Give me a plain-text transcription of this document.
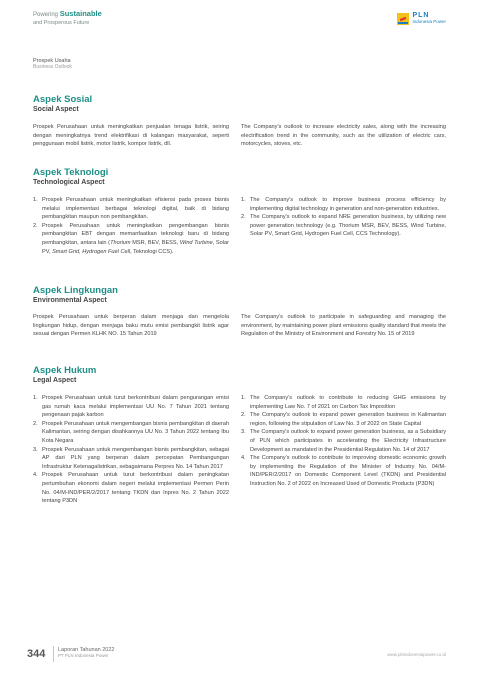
Powering Sustainable
and Prosperous Future
PLN
Indonesia Power
Prospek Usaha
Business Outlook
Aspek Sosial
Social Aspect

Prospek Perusahaan untuk meningkatkan penjualan tenaga listrik, seiring dengan meningkatnya trend elektrifikasi di kalangan masyarakat, seperti penggunaan mobil listrik, motor listrik, kompor listrik, dll.

The Company's outlook to increase electricity sales, along with the increasing electrification trend in the community, such as the utilization of electric cars, motorcycles, stoves, etc.

Aspek Teknologi
Technological Aspect
1. Prospek Perusahaan untuk meningkatkan efisiensi pada proses bisnis melalui implementasi berbagai teknologi digital, baik di bidang pembangkitan maupun non pembangkitan.
2. Prospek Perusahaan untuk meningkatkan pengembangan bisnis pembangkitan EBT dengan memanfaatkan teknologi baru di bidang pembangkitan, antara lain (Thorium MSR, BEV, BESS, Wind Turbine, Solar PV, Smart Grid, Hydrogen Fuel Cell, Teknologi CCS).
1. The Company's outlook to improve business process efficiency by implementing digital technology in generation and non-generation industries.
2. The Company's outlook to expand NRE generation business, by utilizing new power generation technology (e.g. Thorium MSR, BEV, BESS, Wind Turbine, Solar PV, Smart Grid, Hydrogen Fuel Cell, CCS Technology).
Aspek Lingkungan
Environmental Aspect

Prospek Perusahaan untuk berperan dalam menjaga dan mengelola lingkungan hidup, dengan menjaga baku mutu emisi pembangkit listrik agar sesuai dengan Permen KLHK NO. 15 Tahun 2019

The Company's outlook to participate in safeguarding and managing the environment, by maintaining power plant emissions quality standard that meets the Regulation of the Ministry of Environment and Forestry No. 15 of 2019

Aspek Hukum
Legal Aspect
1. Prospek Perusahaan untuk turut berkontribusi dalam pengurangan emisi gas rumah kaca melalui implementasi UU No. 7 Tahun 2021 tentang pengenaan pajak karbon
2. Prospek Perusahaan untuk mengembangan bisnis pembangkitan di daerah Kalimantan, seiring dengan disahkannya UU No. 3 Tahun 2022 tentang Ibu Kota Negara
3. Prospek Perusahaan untuk mengembangan bisnis pembangkitan, sebagai AP dari PLN yang berperan dalam percepatan Pembangungan Infrastruktur Ketenagalistrikan, sebagaimana Perpres No. 14 Tahun 2017
4. Prospek Perusahaan untuk turut berkontribusi dalam peningkatan pertumbuhan ekonomi dalam negeri melalui implementasi Permen Perin No. 04/M-IND/PER/2/2017 tentang TKDN dan Inpres No. 2 Tahun 2022 tentang P3DN
1. The Company's outlook to contribute to reducing GHG emissions by implementing Law No. 7 of 2021 on Carbon Tax Imposition
2. The Company's outlook to expand power generation business in Kalimantan region, following the stipulation of Law No. 3 of 2022 on State Capital
3. The Company's outlook to expand power generation business, as a Subsidiary of PLN which participates in accelerating the Electricity Infrastructure Development as mandated in the Presidential Regulation No. 14 of 2017
4. The Company's outlook to contribute to improving domestic economic growth by implementing the Regulation of the Minister of Industry No. 04/M-IND/PER/2/2017 on Domestic Component Level (TKDN) and Presidential Instruction No. 2 of 2022 on Increased Used of Domestic Products (P3DN)
344 Laporan Tahunan 2022
PT PLN Indonesia Power	www.plnindonesiapower.co.id
